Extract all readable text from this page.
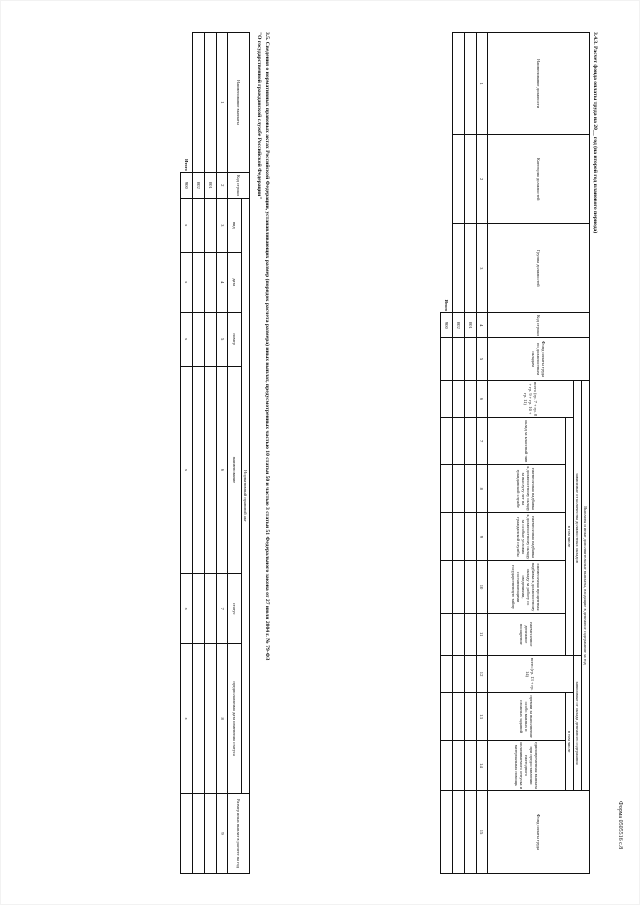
Форма 0505516 с.8
3.4.3. Расчет фонда оплаты труда на 20__ год (на второй год планового периода)
Наименование должности	Категория должностей	Группа должностей	Код строки	Фонд оплаты труда по должностным окладам	Выплаты и иные дополнительные выплаты, входящие в денежное содержание за год									Фонд оплаты труда
					зависимые от количества должностных окладов						зависимые от оклада денежного содержания			
					всего (гр. 7 + гр. 8 + гр. 9 + гр. 10 + гр. 11)	в том числе					всего (гр. 13 + гр. 14)	в том числе		
						оклад за классный чин	ежемесячная надбавка к должностному окладу за выслугу лет на гражданской службе	ежемесячная надбавка к должностному окладу за особые условия гражданской службы	ежемесячная процентная надбавка к должностному окладу за работу со сведениями, составляющими государственную тайну	ежемесячное денежное поощрение		премии за выполнение особо важных и сложных заданий	единовременная выплата при предоставлении ежегодного оплачиваемого отпуска и материальная помощь	
1	2	3	4	5	6	7	8	9	10	11	12	13	14	15
			001											
			002											
Итого			900											
3.5. Сведения о нормативных правовых актах Российской Федерации, устанавливающих размер (порядок расчета размера) иных выплат, предусмотренных частью 10 статьи 50 и частью 3 статьи 51 Федерального закона от 27 июля 2004 г. № 79-ФЗ
"О государственной гражданской службе Российской Федерации"
Наименование выплаты	Код строки	Нормативный правовой акт						Размер иных выплат в расчете на год
		вид	дата	номер	наименование	статус	предполагаемая дата изменения статуса	
1	2	3	4	5	6	7	8	9
	001							
	002							
Итого	900	x	x	x	x	x	x	
